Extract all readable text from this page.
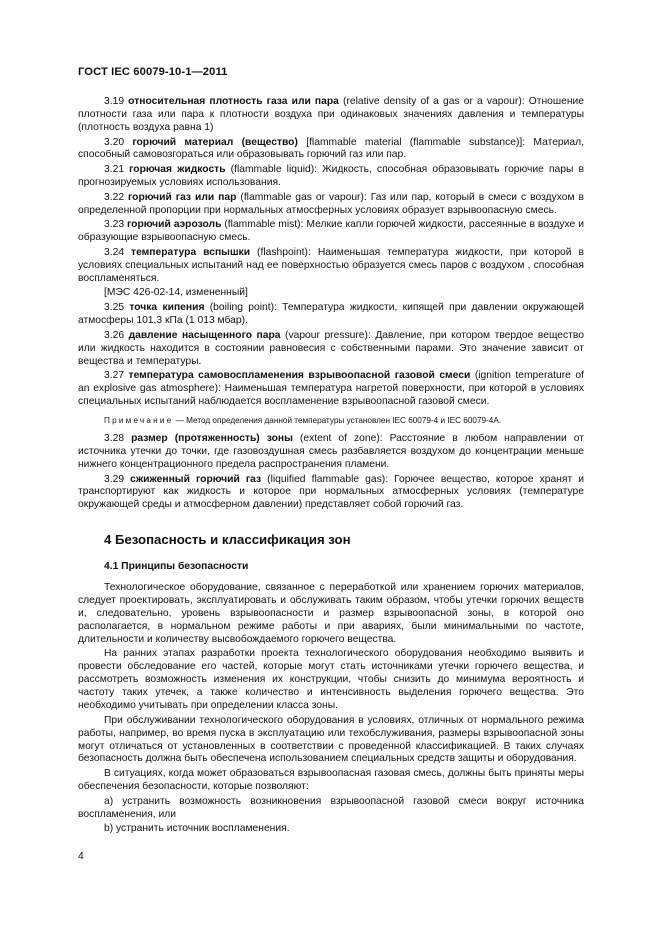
ГОСТ IEC 60079-10-1—2011
3.19 относительная плотность газа или пара (relative density of a gas or a vapour): Отношение плотности газа или пара к плотности воздуха при одинаковых значениях давления и температуры (плотность воздуха равна 1)
3.20 горючий материал (вещество) [flammable material (flammable substance)]: Материал, способный самовозгораться или образовывать горючий газ или пар.
3.21 горючая жидкость (flammable liquid): Жидкость, способная образовывать горючие пары в прогнозируемых условиях использования.
3.22 горючий газ или пар (flammable gas or vapour): Газ или пар, который в смеси с воздухом в определенной пропорции при нормальных атмосферных условиях образует взрывоопасную смесь.
3.23 горючий аэрозоль (flammable mist): Мелкие капли горючей жидкости, рассеянные в воздухе и образующие взрывоопасную смесь.
3.24 температура вспышки (flashpoint): Наименьшая температура жидкости, при которой в условиях специальных испытаний над ее поверхностью образуется смесь паров с воздухом , способная воспламеняться.
[МЭС 426-02-14, измененный]
3.25 точка кипения (boiling point): Температура жидкости, кипящей при давлении окружающей атмосферы 101,3 кПа (1 013 мбар).
3.26 давление насыщенного пара (vapour pressure): Давление, при котором твердое вещество или жидкость находится в состоянии равновесия с собственными парами. Это значение зависит от вещества и температуры.
3.27 температура самовоспламенения взрывоопасной газовой смеси (ignition temperature of an explosive gas atmosphere): Наименьшая температура нагретой поверхности, при которой в условиях специальных испытаний наблюдается воспламенение взрывоопасной газовой смеси.
Примечание — Метод определения данной температуры установлен IEC 60079-4 и IEC 60079-4A.
3.28 размер (протяженность) зоны (extent of zone): Расстояние в любом направлении от источника утечки до точки, где газовоздушная смесь разбавляется воздухом до концентрации меньше нижнего концентрационного предела распространения пламени.
3.29 сжиженный горючий газ (liquified flammable gas): Горючее вещество, которое хранят и транспортируют как жидкость и которое при нормальных атмосферных условиях (температуре окружающей среды и атмосферном давлении) представляет собой горючий газ.
4 Безопасность и классификация зон
4.1 Принципы безопасности
Технологическое оборудование, связанное с переработкой или хранением горючих материалов, следует проектировать, эксплуатировать и обслуживать таким образом, чтобы утечки горючих веществ и, следовательно, уровень взрывоопасности и размер взрывоопасной зоны, в которой оно располагается, в нормальном режиме работы и при авариях, были минимальными по частоте, длительности и количеству высвобождаемого горючего вещества.
На ранних этапах разработки проекта технологического оборудования необходимо выявить и провести обследование его частей, которые могут стать источниками утечки горючего вещества, и рассмотреть возможность изменения их конструкции, чтобы снизить до минимума вероятность и частоту таких утечек, а также количество и интенсивность выделения горючего вещества. Это необходимо учитывать при определении класса зоны.
При обслуживании технологического оборудования в условиях, отличных от нормального режима работы, например, во время пуска в эксплуатацию или техобслуживания, размеры взрывоопасной зоны могут отличаться от установленных в соответствии с проведенной классификацией. В таких случаях безопасность должна быть обеспечена использованием специальных средств защиты и оборудования.
В ситуациях, когда может образоваться взрывоопасная газовая смесь, должны быть приняты меры обеспечения безопасности, которые позволяют:
a) устранить возможность возникновения взрывоопасной газовой смеси вокруг источника воспламенения, или
b) устранить источник воспламенения.
4
